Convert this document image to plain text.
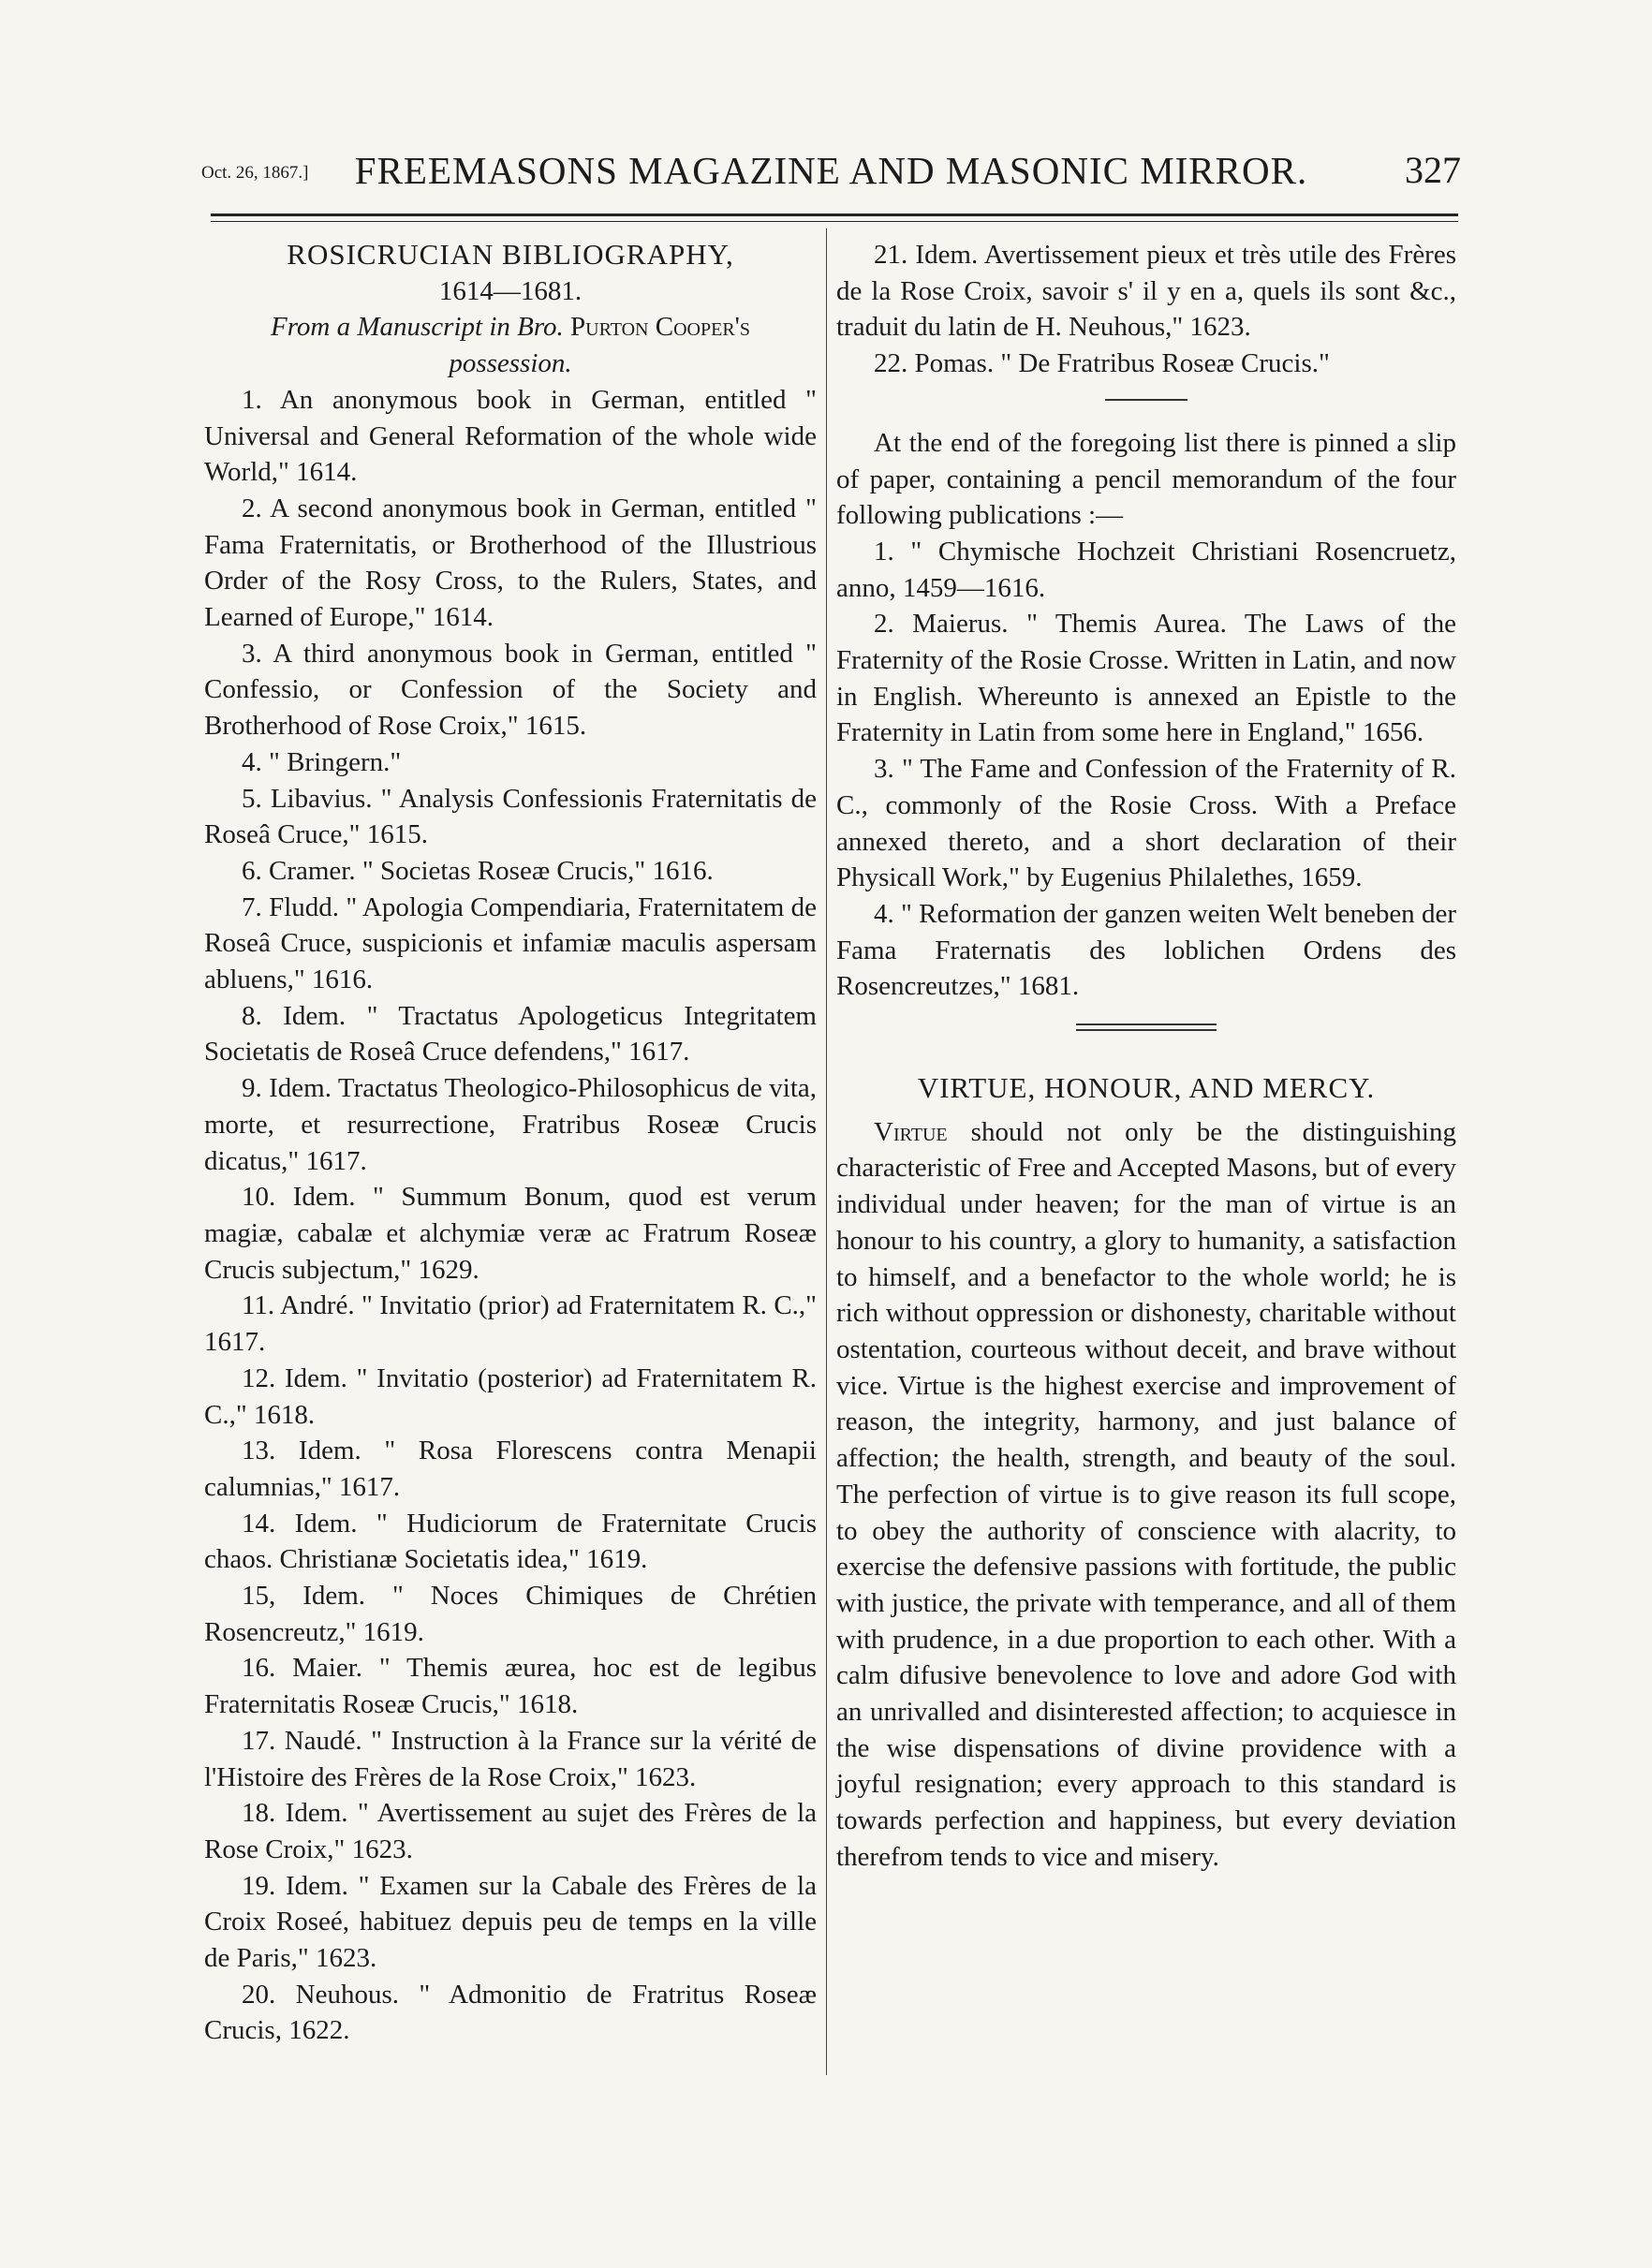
Oct. 26, 1867.]	FREEMASONS MAGAZINE AND MASONIC MIRROR.	327
ROSICRUCIAN BIBLIOGRAPHY,
1614—1681.
From a Manuscript in Bro. Purton Cooper's
possession.

1. An anonymous book in German, entitled " Universal and General Reformation of the whole wide World," 1614.

2. A second anonymous book in German, entitled " Fama Fraternitatis, or Brotherhood of the Illustrious Order of the Rosy Cross, to the Rulers, States, and Learned of Europe," 1614.

3. A third anonymous book in German, entitled " Confessio, or Confession of the Society and Brotherhood of Rose Croix," 1615.

4. " Bringern."

5. Libavius. " Analysis Confessionis Fraternitatis de Roseâ Cruce," 1615.

6. Cramer. " Societas Roseæ Crucis," 1616.

7. Fludd. " Apologia Compendiaria, Fraternitatem de Roseâ Cruce, suspicionis et infamiæ maculis aspersam abluens," 1616.

8. Idem. " Tractatus Apologeticus Integritatem Societatis de Roseâ Cruce defendens," 1617.

9. Idem. Tractatus Theologico-Philosophicus de vita, morte, et resurrectione, Fratribus Roseæ Crucis dicatus," 1617.

10. Idem. " Summum Bonum, quod est verum magiæ, cabalæ et alchymiæ veræ ac Fratrum Roseæ Crucis subjectum," 1629.

11. André. " Invitatio (prior) ad Fraternitatem R. C.," 1617.

12. Idem. " Invitatio (posterior) ad Fraternitatem R. C.," 1618.

13. Idem. " Rosa Florescens contra Menapii calumnias," 1617.

14. Idem. " Hudiciorum de Fraternitate Crucis chaos. Christianæ Societatis idea," 1619.

15, Idem. " Noces Chimiques de Chrétien Rosencreutz," 1619.

16. Maier. " Themis æurea, hoc est de legibus Fraternitatis Roseæ Crucis," 1618.

17. Naudé. " Instruction à la France sur la vérité de l'Histoire des Frères de la Rose Croix," 1623.

18. Idem. " Avertissement au sujet des Frères de la Rose Croix," 1623.

19. Idem. " Examen sur la Cabale des Frères de la Croix Roseé, habituez depuis peu de temps en la ville de Paris," 1623.

20. Neuhous. " Admonitio de Fratritus Roseæ Crucis, 1622.

21. Idem. Avertissement pieux et très utile des Frères de la Rose Croix, savoir s' il y en a, quels ils sont &c., traduit du latin de H. Neuhous," 1623.

22. Pomas. " De Fratribus Roseæ Crucis."

At the end of the foregoing list there is pinned a slip of paper, containing a pencil memorandum of the four following publications :—

1. " Chymische Hochzeit Christiani Rosencruetz, anno, 1459—1616.

2. Maierus. " Themis Aurea. The Laws of the Fraternity of the Rosie Crosse. Written in Latin, and now in English. Whereunto is annexed an Epistle to the Fraternity in Latin from some here in England," 1656.

3. " The Fame and Confession of the Fraternity of R. C., commonly of the Rosie Cross. With a Preface annexed thereto, and a short declaration of their Physicall Work," by Eugenius Philalethes, 1659.

4. " Reformation der ganzen weiten Welt beneben der Fama Fraternatis des loblichen Ordens des Rosencreutzes," 1681.

VIRTUE, HONOUR, AND MERCY.

Virtue should not only be the distinguishing characteristic of Free and Accepted Masons, but of every individual under heaven; for the man of virtue is an honour to his country, a glory to humanity, a satisfaction to himself, and a benefactor to the whole world; he is rich without oppression or dishonesty, charitable without ostentation, courteous without deceit, and brave without vice. Virtue is the highest exercise and improvement of reason, the integrity, harmony, and just balance of affection; the health, strength, and beauty of the soul. The perfection of virtue is to give reason its full scope, to obey the authority of conscience with alacrity, to exercise the defensive passions with fortitude, the public with justice, the private with temperance, and all of them with prudence, in a due proportion to each other. With a calm difusive benevolence to love and adore God with an unrivalled and disinterested affection; to acquiesce in the wise dispensations of divine providence with a joyful resignation; every approach to this standard is towards perfection and happiness, but every deviation therefrom tends to vice and misery.
